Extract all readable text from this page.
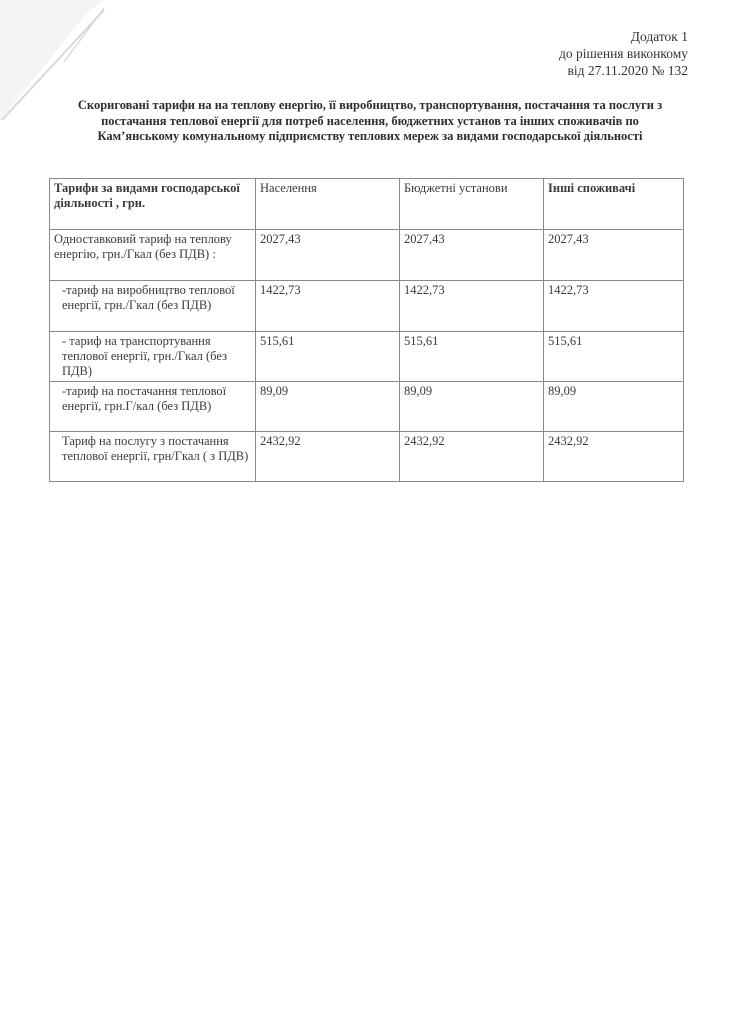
Додаток 1
до рішення виконкому
від 27.11.2020 № 132
Скориговані тарифи на на теплову енергію, її виробництво, транспортування, постачання та послуги з постачання теплової енергії для потреб населення, бюджетних установ та інших споживачів по Кам’янському комунальному підприємству теплових мереж за видами господарської діяльності
Тарифи за видами господарської діяльності , грн.	Населення	Бюджетні установи	Інші споживачі
Одноставковий тариф на теплову енергію, грн./Гкал (без ПДВ) :	2027,43	2027,43	2027,43
-тариф на виробництво теплової енергії, грн./Гкал (без ПДВ)	1422,73	1422,73	1422,73
- тариф на транспортування теплової енергії, грн./Гкал (без ПДВ)	515,61	515,61	515,61
-тариф на постачання теплової енергії, грн.Г/кал (без ПДВ)	89,09	89,09	89,09
Тариф на послугу з постачання теплової енергії, грн/Гкал ( з ПДВ)	2432,92	2432,92	2432,92
